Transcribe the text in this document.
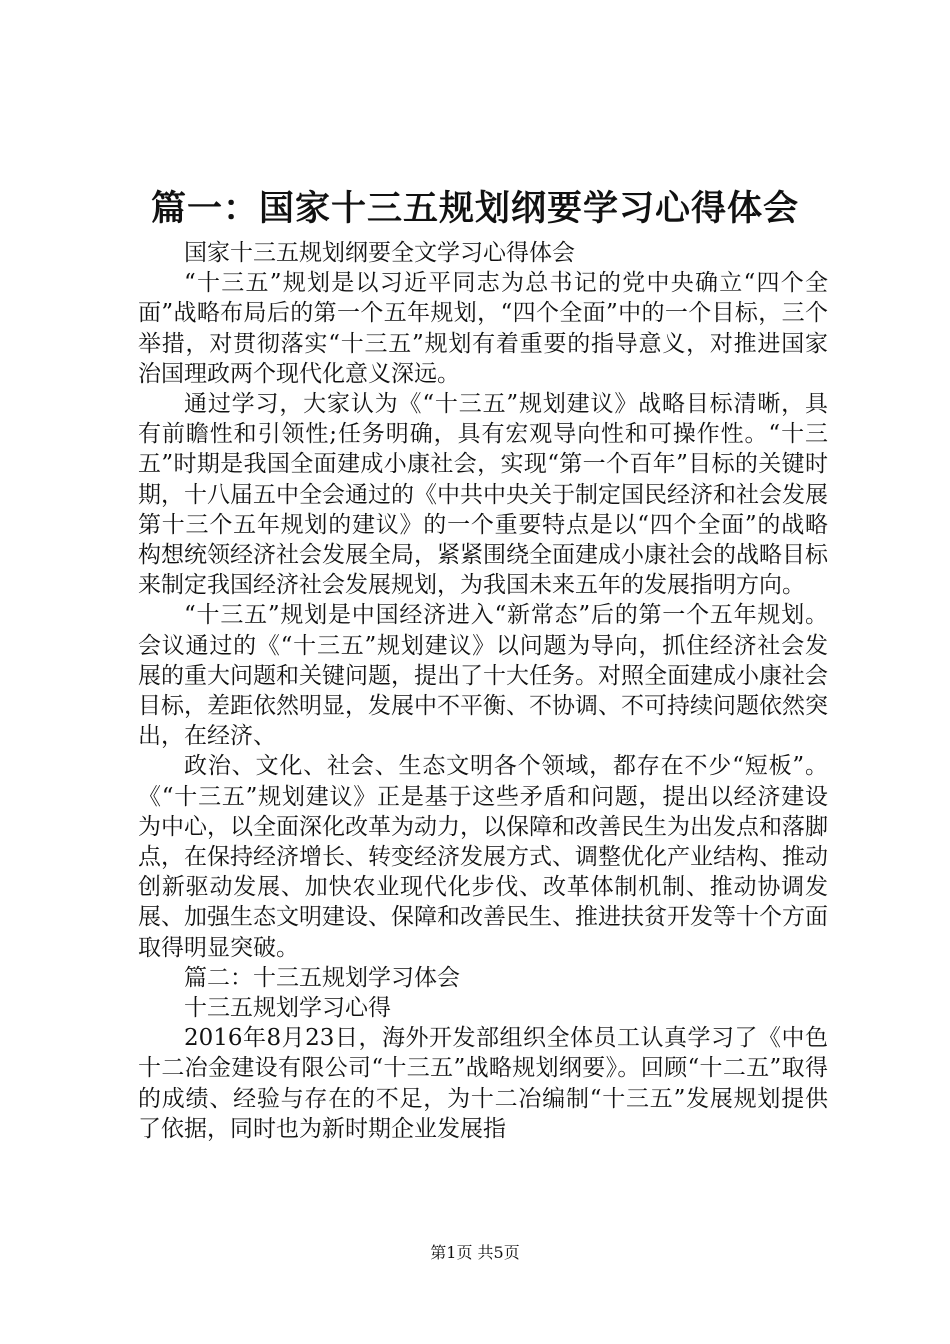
篇一：国家十三五规划纲要学习心得体会

国家十三五规划纲要全文学习心得体会

“十三五”规划是以习近平同志为总书记的党中央确立“四个全面”战略布局后的第一个五年规划，“四个全面”中的一个目标，三个举措，对贯彻落实“十三五”规划有着重要的指导意义，对推进国家治国理政两个现代化意义深远。

通过学习，大家认为《“十三五”规划建议》战略目标清晰，具有前瞻性和引领性;任务明确，具有宏观导向性和可操作性。“十三五”时期是我国全面建成小康社会，实现“第一个百年”目标的关键时期，十八届五中全会通过的《中共中央关于制定国民经济和社会发展第十三个五年规划的建议》的一个重要特点是以“四个全面”的战略构想统领经济社会发展全局，紧紧围绕全面建成小康社会的战略目标来制定我国经济社会发展规划，为我国未来五年的发展指明方向。

“十三五”规划是中国经济进入“新常态”后的第一个五年规划。会议通过的《“十三五”规划建议》以问题为导向，抓住经济社会发展的重大问题和关键问题，提出了十大任务。对照全面建成小康社会目标，差距依然明显，发展中不平衡、不协调、不可持续问题依然突出，在经济、

政治、文化、社会、生态文明各个领域，都存在不少“短板”。《“十三五”规划建议》正是基于这些矛盾和问题，提出以经济建设为中心，以全面深化改革为动力，以保障和改善民生为出发点和落脚点，在保持经济增长、转变经济发展方式、调整优化产业结构、推动创新驱动发展、加快农业现代化步伐、改革体制机制、推动协调发展、加强生态文明建设、保障和改善民生、推进扶贫开发等十个方面取得明显突破。

篇二：十三五规划学习体会

十三五规划学习心得

2016年8月23日，海外开发部组织全体员工认真学习了《中色十二冶金建设有限公司“十三五”战略规划纲要》。回顾“十二五”取得的成绩、经验与存在的不足，为十二冶编制“十三五”发展规划提供了依据，同时也为新时期企业发展指

第1页 共5页
